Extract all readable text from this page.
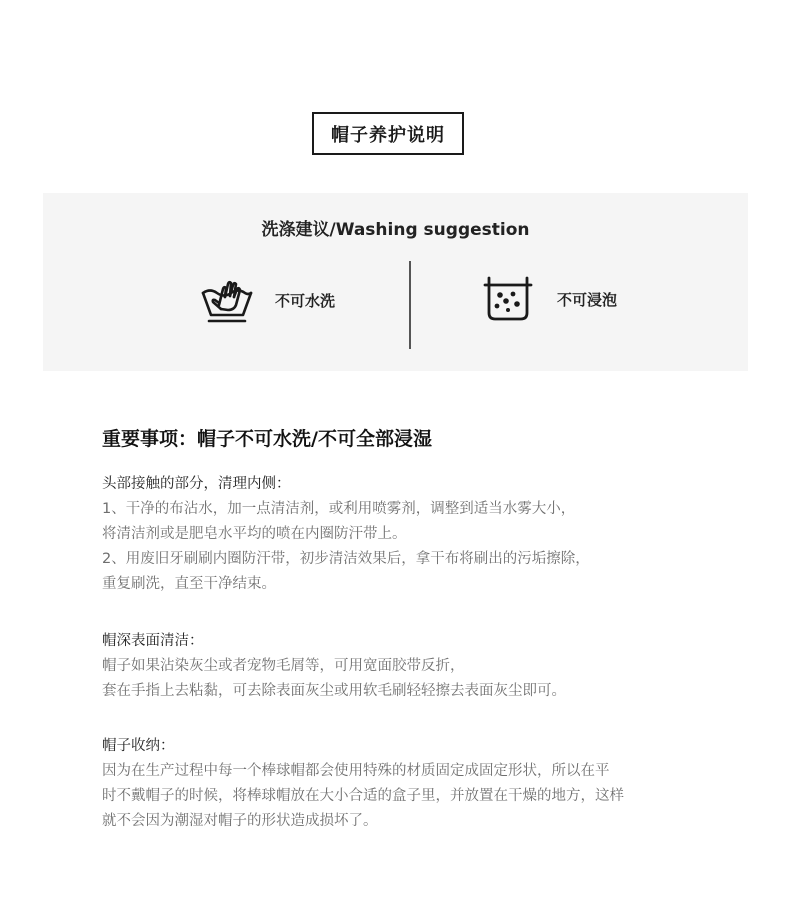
帽子养护说明
洗涤建议/Washing suggestion
不可水洗	不可浸泡
重要事项：帽子不可水洗/不可全部浸湿
头部接触的部分，清理内侧：
1、干净的布沾水，加一点清洁剂，或利用喷雾剂，调整到适当水雾大小，
将清洁剂或是肥皂水平均的喷在内圈防汗带上。
2、用废旧牙刷刷内圈防汗带，初步清洁效果后，拿干布将刷出的污垢擦除，
重复刷洗，直至干净结束。
帽深表面清洁：
帽子如果沾染灰尘或者宠物毛屑等，可用宽面胶带反折，
套在手指上去粘黏，可去除表面灰尘或用软毛刷轻轻擦去表面灰尘即可。
帽子收纳：
因为在生产过程中每一个棒球帽都会使用特殊的材质固定成固定形状，所以在平
时不戴帽子的时候，将棒球帽放在大小合适的盒子里，并放置在干燥的地方，这样
就不会因为潮湿对帽子的形状造成损坏了。
